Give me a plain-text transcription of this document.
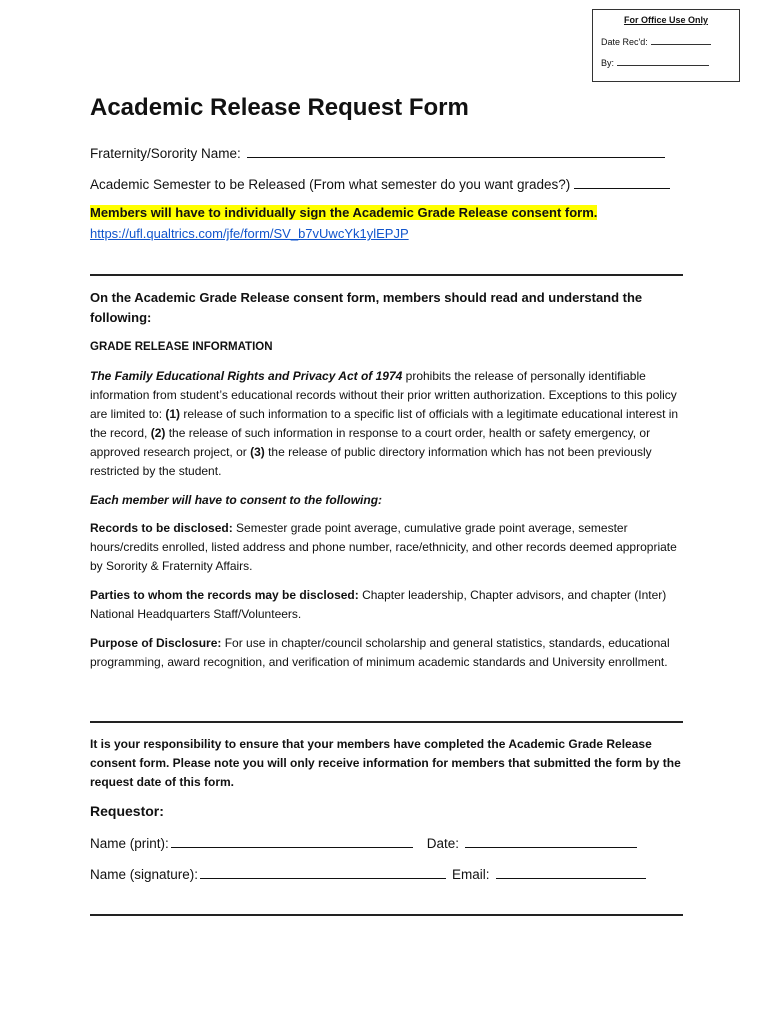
For Office Use Only
Date Rec'd:
By:
Academic Release Request Form
Fraternity/Sorority Name:
Academic Semester to be Released (From what semester do you want grades?)
Members will have to individually sign the Academic Grade Release consent form.
https://ufl.qualtrics.com/jfe/form/SV_b7vUwcYk1ylEPJP

On the Academic Grade Release consent form, members should read and understand the following:

GRADE RELEASE INFORMATION

The Family Educational Rights and Privacy Act of 1974 prohibits the release of personally identifiable information from student’s educational records without their prior written authorization. Exceptions to this policy are limited to: (1) release of such information to a specific list of officials with a legitimate educational interest in the record, (2) the release of such information in response to a court order, health or safety emergency, or approved research project, or (3) the release of public directory information which has not been previously restricted by the student.

Each member will have to consent to the following:

Records to be disclosed: Semester grade point average, cumulative grade point average, semester hours/credits enrolled, listed address and phone number, race/ethnicity, and other records deemed appropriate by Sorority & Fraternity Affairs.

Parties to whom the records may be disclosed: Chapter leadership, Chapter advisors, and chapter (Inter) National Headquarters Staff/Volunteers.

Purpose of Disclosure: For use in chapter/council scholarship and general statistics, standards, educational programming, award recognition, and verification of minimum academic standards and University enrollment.

It is your responsibility to ensure that your members have completed the Academic Grade Release consent form. Please note you will only receive information for members that submitted the form by the request date of this form.

Requestor:

Name (print):	Date:
Name (signature):	Email:
